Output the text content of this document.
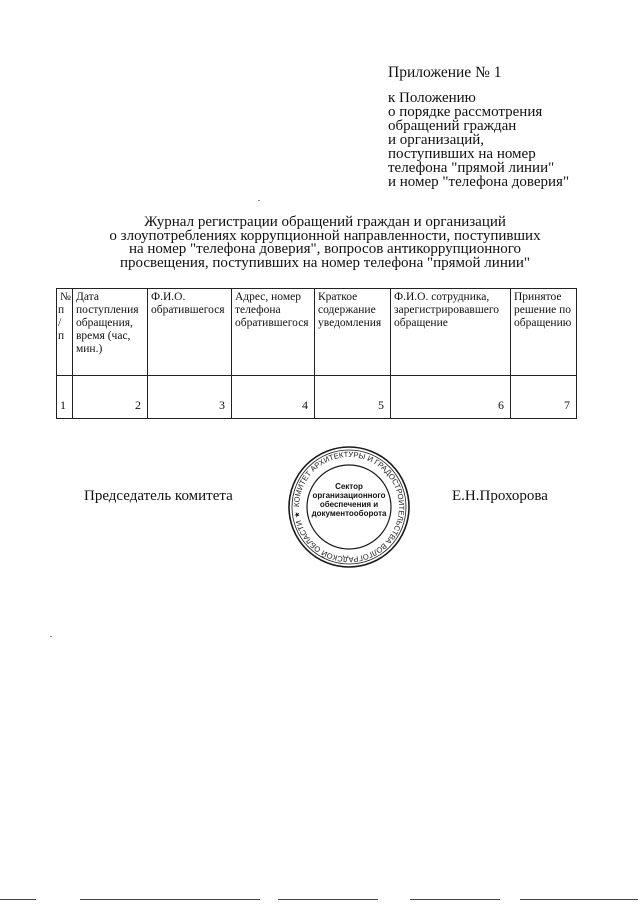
Приложение № 1
к Положению
о порядке рассмотрения
обращений граждан
и организаций,
поступивших на номер
телефона "прямой линии"
и номер "телефона доверия"
Журнал регистрации обращений граждан и организаций
о злоупотреблениях коррупционной направленности, поступивших
на номер "телефона доверия", вопросов антикоррупционного
просвещения, поступивших на номер телефона "прямой линии"
№
п
/
п	Дата поступления обращения, время (час, мин.)	Ф.И.О. обратившегося	Адрес, номер телефона обратившегося	Краткое содержание уведомления	Ф.И.О. сотрудника, зарегистрировавшего обращение	Принятое решение по обращению
1	2	3	4	5	6	7
Председатель комитета
КОМИТЕТ АРХИТЕКТУРЫ И ГРАДОСТРОИТЕЛЬСТВА ВОЛГОГРАДСКОЙ ОБЛАСТИ ★
Сектор
организационного
обеспечения и
документооборота
Е.Н.Прохорова
